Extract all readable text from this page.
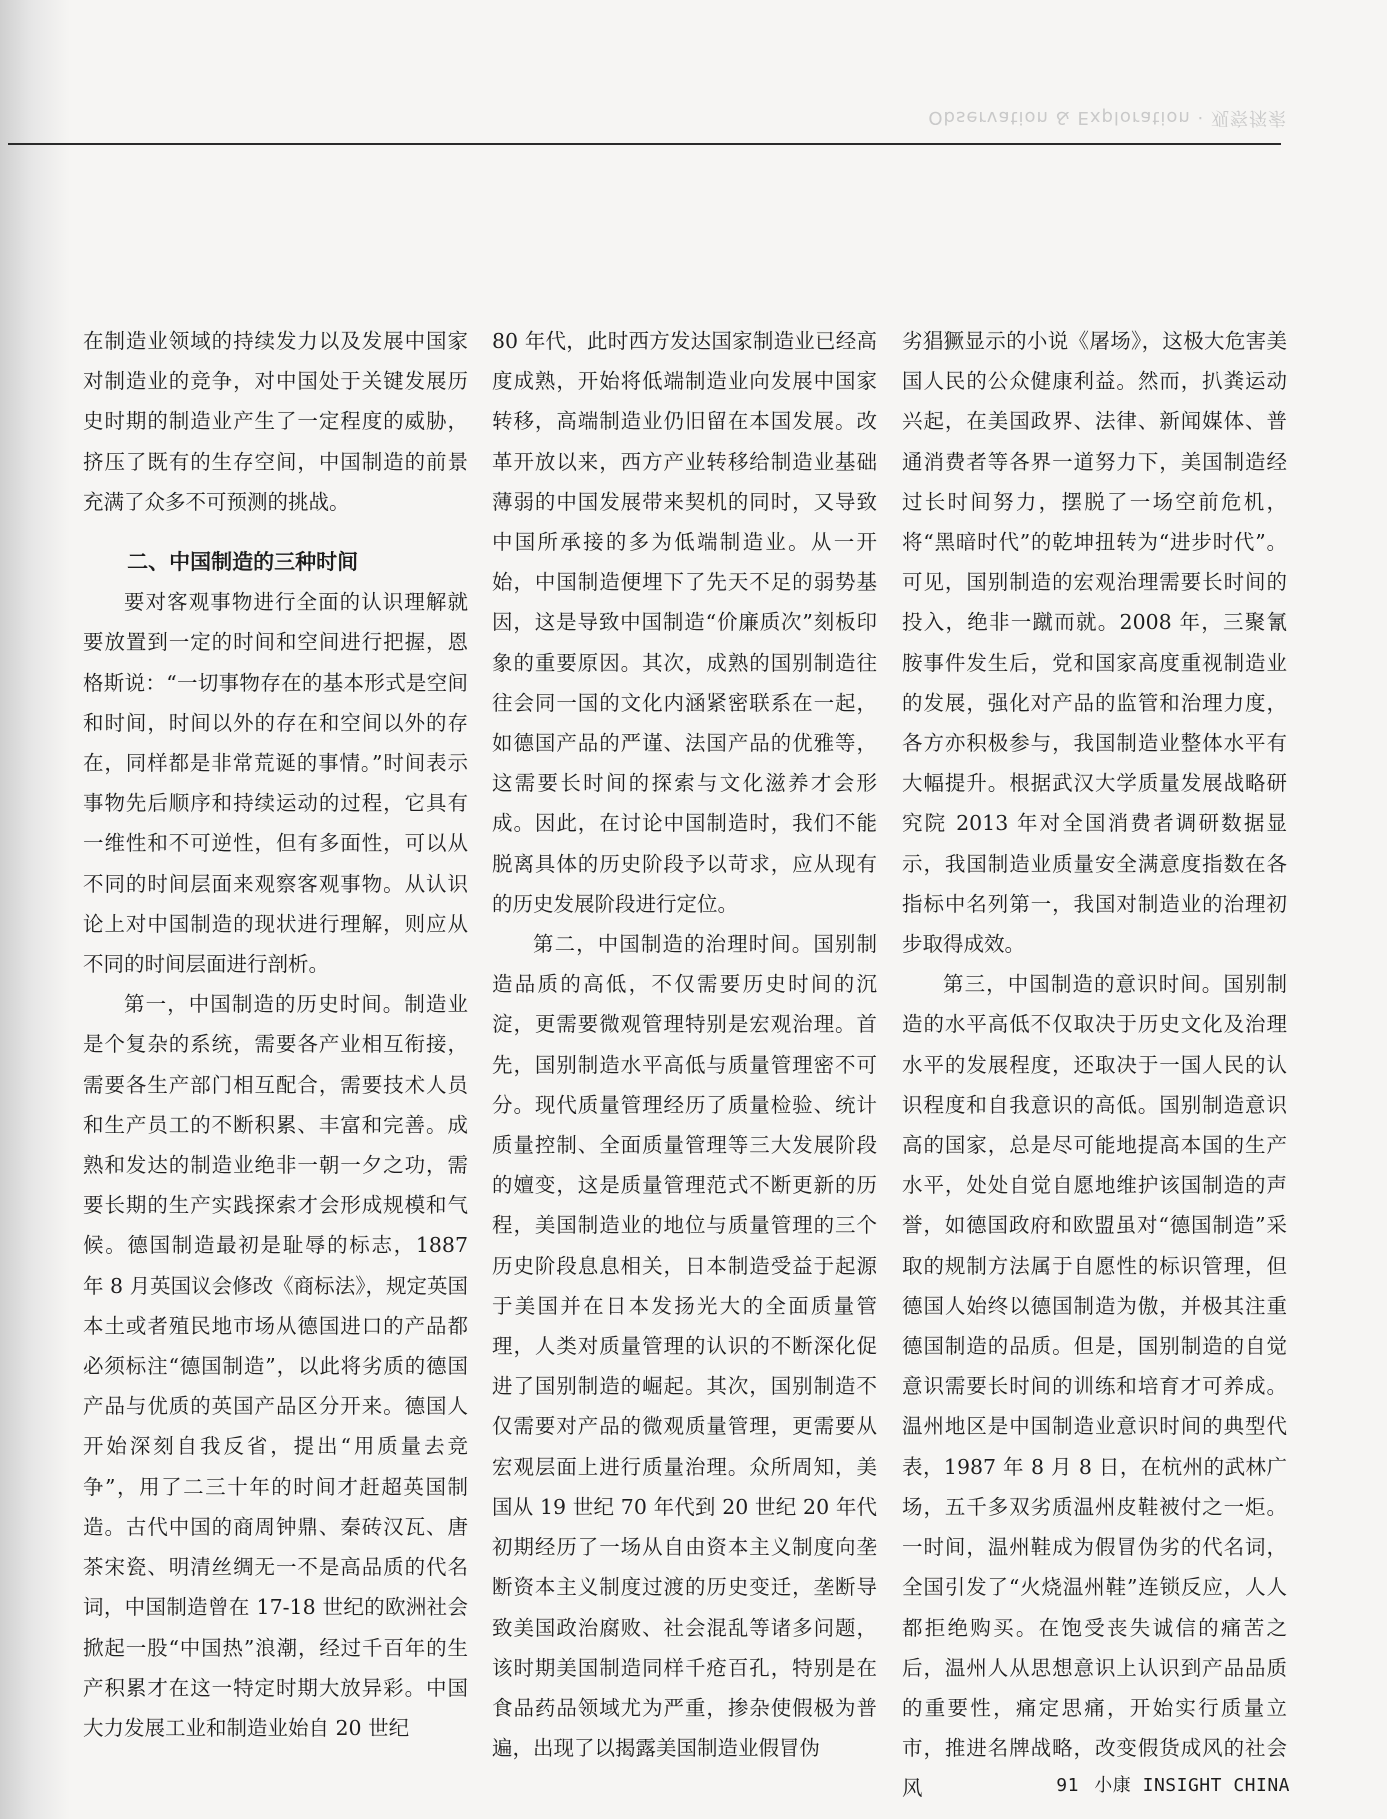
Observation & Exploration · 观察探索

在制造业领域的持续发力以及发展中国家对制造业的竞争，对中国处于关键发展历史时期的制造业产生了一定程度的威胁，挤压了既有的生存空间，中国制造的前景充满了众多不可预测的挑战。

二、中国制造的三种时间

要对客观事物进行全面的认识理解就要放置到一定的时间和空间进行把握，恩格斯说：“一切事物存在的基本形式是空间和时间，时间以外的存在和空间以外的存在，同样都是非常荒诞的事情。”时间表示事物先后顺序和持续运动的过程，它具有一维性和不可逆性，但有多面性，可以从不同的时间层面来观察客观事物。从认识论上对中国制造的现状进行理解，则应从不同的时间层面进行剖析。

第一，中国制造的历史时间。制造业是个复杂的系统，需要各产业相互衔接，需要各生产部门相互配合，需要技术人员和生产员工的不断积累、丰富和完善。成熟和发达的制造业绝非一朝一夕之功，需要长期的生产实践探索才会形成规模和气候。德国制造最初是耻辱的标志，1887 年 8 月英国议会修改《商标法》，规定英国本土或者殖民地市场从德国进口的产品都必须标注“德国制造”，以此将劣质的德国产品与优质的英国产品区分开来。德国人开始深刻自我反省，提出“用质量去竞争”，用了二三十年的时间才赶超英国制造。古代中国的商周钟鼎、秦砖汉瓦、唐茶宋瓷、明清丝绸无一不是高品质的代名词，中国制造曾在 17-18 世纪的欧洲社会掀起一股“中国热”浪潮，经过千百年的生产积累才在这一特定时期大放异彩。中国大力发展工业和制造业始自 20 世纪

80 年代，此时西方发达国家制造业已经高度成熟，开始将低端制造业向发展中国家转移，高端制造业仍旧留在本国发展。改革开放以来，西方产业转移给制造业基础薄弱的中国发展带来契机的同时，又导致中国所承接的多为低端制造业。从一开始，中国制造便埋下了先天不足的弱势基因，这是导致中国制造“价廉质次”刻板印象的重要原因。其次，成熟的国别制造往往会同一国的文化内涵紧密联系在一起，如德国产品的严谨、法国产品的优雅等，这需要长时间的探索与文化滋养才会形成。因此，在讨论中国制造时，我们不能脱离具体的历史阶段予以苛求，应从现有的历史发展阶段进行定位。

第二，中国制造的治理时间。国别制造品质的高低，不仅需要历史时间的沉淀，更需要微观管理特别是宏观治理。首先，国别制造水平高低与质量管理密不可分。现代质量管理经历了质量检验、统计质量控制、全面质量管理等三大发展阶段的嬗变，这是质量管理范式不断更新的历程，美国制造业的地位与质量管理的三个历史阶段息息相关，日本制造受益于起源于美国并在日本发扬光大的全面质量管理，人类对质量管理的认识的不断深化促进了国别制造的崛起。其次，国别制造不仅需要对产品的微观质量管理，更需要从宏观层面上进行质量治理。众所周知，美国从 19 世纪 70 年代到 20 世纪 20 年代初期经历了一场从自由资本主义制度向垄断资本主义制度过渡的历史变迁，垄断导致美国政治腐败、社会混乱等诸多问题，该时期美国制造同样千疮百孔，特别是在食品药品领域尤为严重，掺杂使假极为普遍，出现了以揭露美国制造业假冒伪

劣猖獗显示的小说《屠场》，这极大危害美国人民的公众健康利益。然而，扒粪运动兴起，在美国政界、法律、新闻媒体、普通消费者等各界一道努力下，美国制造经过长时间努力，摆脱了一场空前危机，将“黑暗时代”的乾坤扭转为“进步时代”。可见，国别制造的宏观治理需要长时间的投入，绝非一蹴而就。2008 年，三聚氰胺事件发生后，党和国家高度重视制造业的发展，强化对产品的监管和治理力度，各方亦积极参与，我国制造业整体水平有大幅提升。根据武汉大学质量发展战略研究院 2013 年对全国消费者调研数据显示，我国制造业质量安全满意度指数在各指标中名列第一，我国对制造业的治理初步取得成效。

第三，中国制造的意识时间。国别制造的水平高低不仅取决于历史文化及治理水平的发展程度，还取决于一国人民的认识程度和自我意识的高低。国别制造意识高的国家，总是尽可能地提高本国的生产水平，处处自觉自愿地维护该国制造的声誉，如德国政府和欧盟虽对“德国制造”采取的规制方法属于自愿性的标识管理，但德国人始终以德国制造为傲，并极其注重德国制造的品质。但是，国别制造的自觉意识需要长时间的训练和培育才可养成。温州地区是中国制造业意识时间的典型代表，1987 年 8 月 8 日，在杭州的武林广场，五千多双劣质温州皮鞋被付之一炬。一时间，温州鞋成为假冒伪劣的代名词，全国引发了“火烧温州鞋”连锁反应，人人都拒绝购买。在饱受丧失诚信的痛苦之后，温州人从思想意识上认识到产品品质的重要性，痛定思痛，开始实行质量立市，推进名牌战略，改变假货成风的社会风	91 小康 INSIGHT CHINA
